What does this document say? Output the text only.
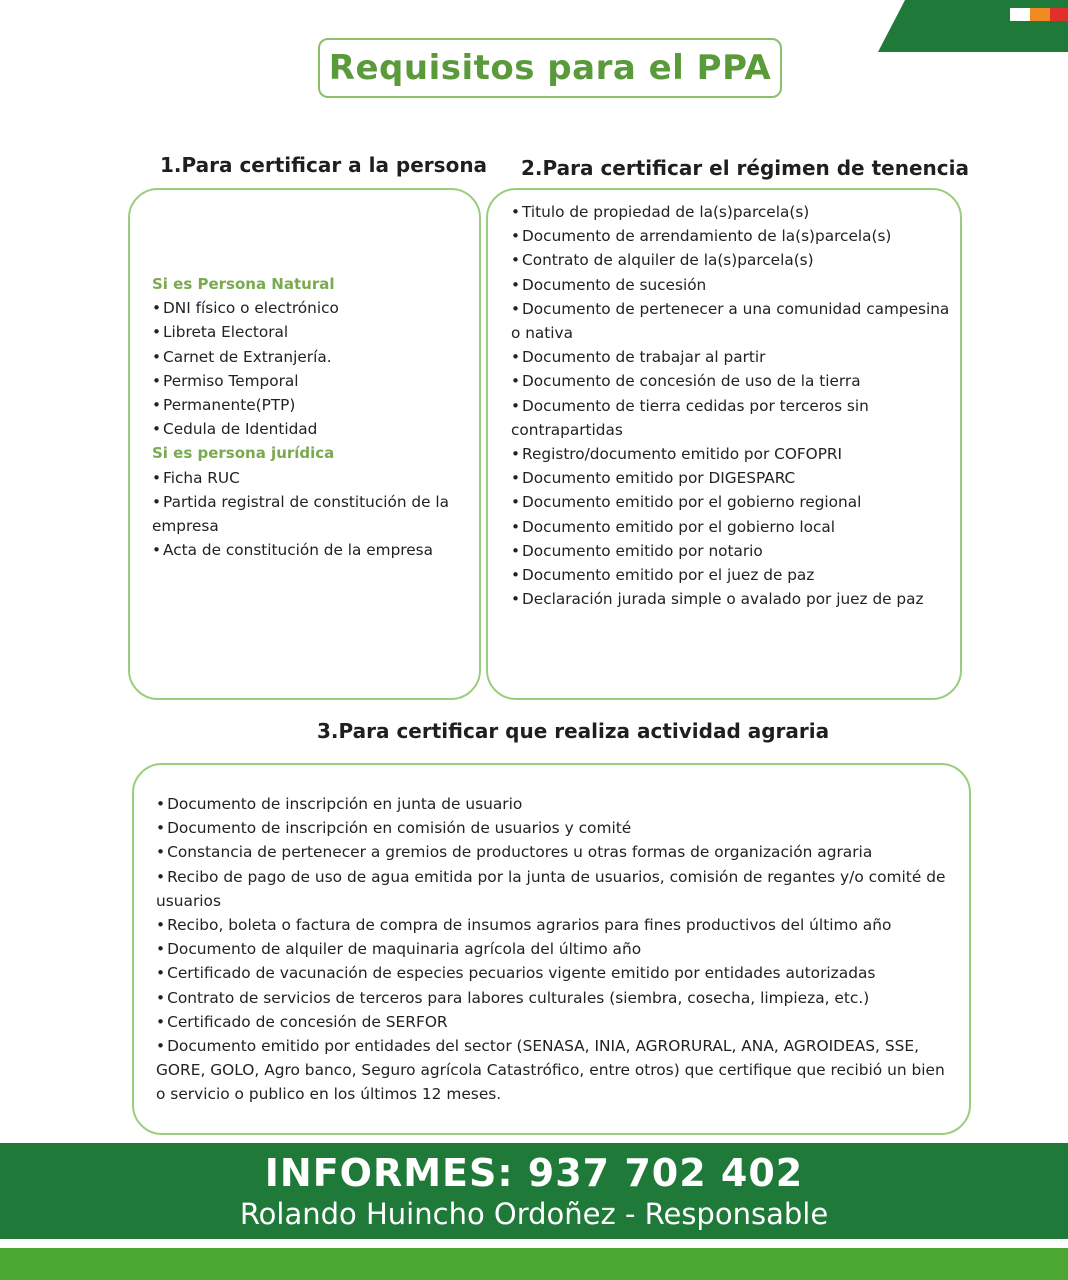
Requisitos para el PPA
1.Para certificar a la persona 2.Para certificar el régimen de tenencia
3.Para certificar que realiza actividad agraria
Si es Persona Natural
• DNI físico o electrónico
• Libreta Electoral
• Carnet de Extranjería.
• Permiso Temporal
• Permanente(PTP)
• Cedula de Identidad
Si es persona jurídica
• Ficha RUC
• Partida registral de constitución de la empresa
• Acta de constitución de la empresa
• Titulo de propiedad de la(s)parcela(s)
• Documento de arrendamiento de la(s)parcela(s)
• Contrato de alquiler de la(s)parcela(s)
• Documento de sucesión
• Documento de pertenecer a una comunidad campesina o nativa
• Documento de trabajar al partir
• Documento de concesión de uso de la tierra
• Documento de tierra cedidas por terceros sin contrapartidas
• Registro/documento emitido por COFOPRI
• Documento emitido por DIGESPARC
• Documento emitido por el gobierno regional
• Documento emitido por el gobierno local
• Documento emitido por notario
• Documento emitido por el juez de paz
• Declaración jurada simple o avalado por juez de paz
• Documento de inscripción en junta de usuario
• Documento de inscripción en comisión de usuarios y comité
• Constancia de pertenecer a gremios de productores u otras formas de organización agraria
• Recibo de pago de uso de agua emitida por la junta de usuarios, comisión de regantes y/o comité de usuarios
• Recibo, boleta o factura de compra de insumos agrarios para fines productivos del último año
• Documento de alquiler de maquinaria agrícola del último año
• Certificado de vacunación de especies pecuarios vigente emitido por entidades autorizadas
• Contrato de servicios de terceros para labores culturales (siembra, cosecha, limpieza, etc.)
• Certificado de concesión de SERFOR
• Documento emitido por entidades del sector (SENASA, INIA, AGRORURAL, ANA, AGROIDEAS, SSE, GORE, GOLO, Agro banco, Seguro agrícola Catastrófico, entre otros) que certifique que recibió un bien o servicio o publico en los últimos 12 meses.
INFORMES: 937 702 402
Rolando Huincho Ordoñez - Responsable
